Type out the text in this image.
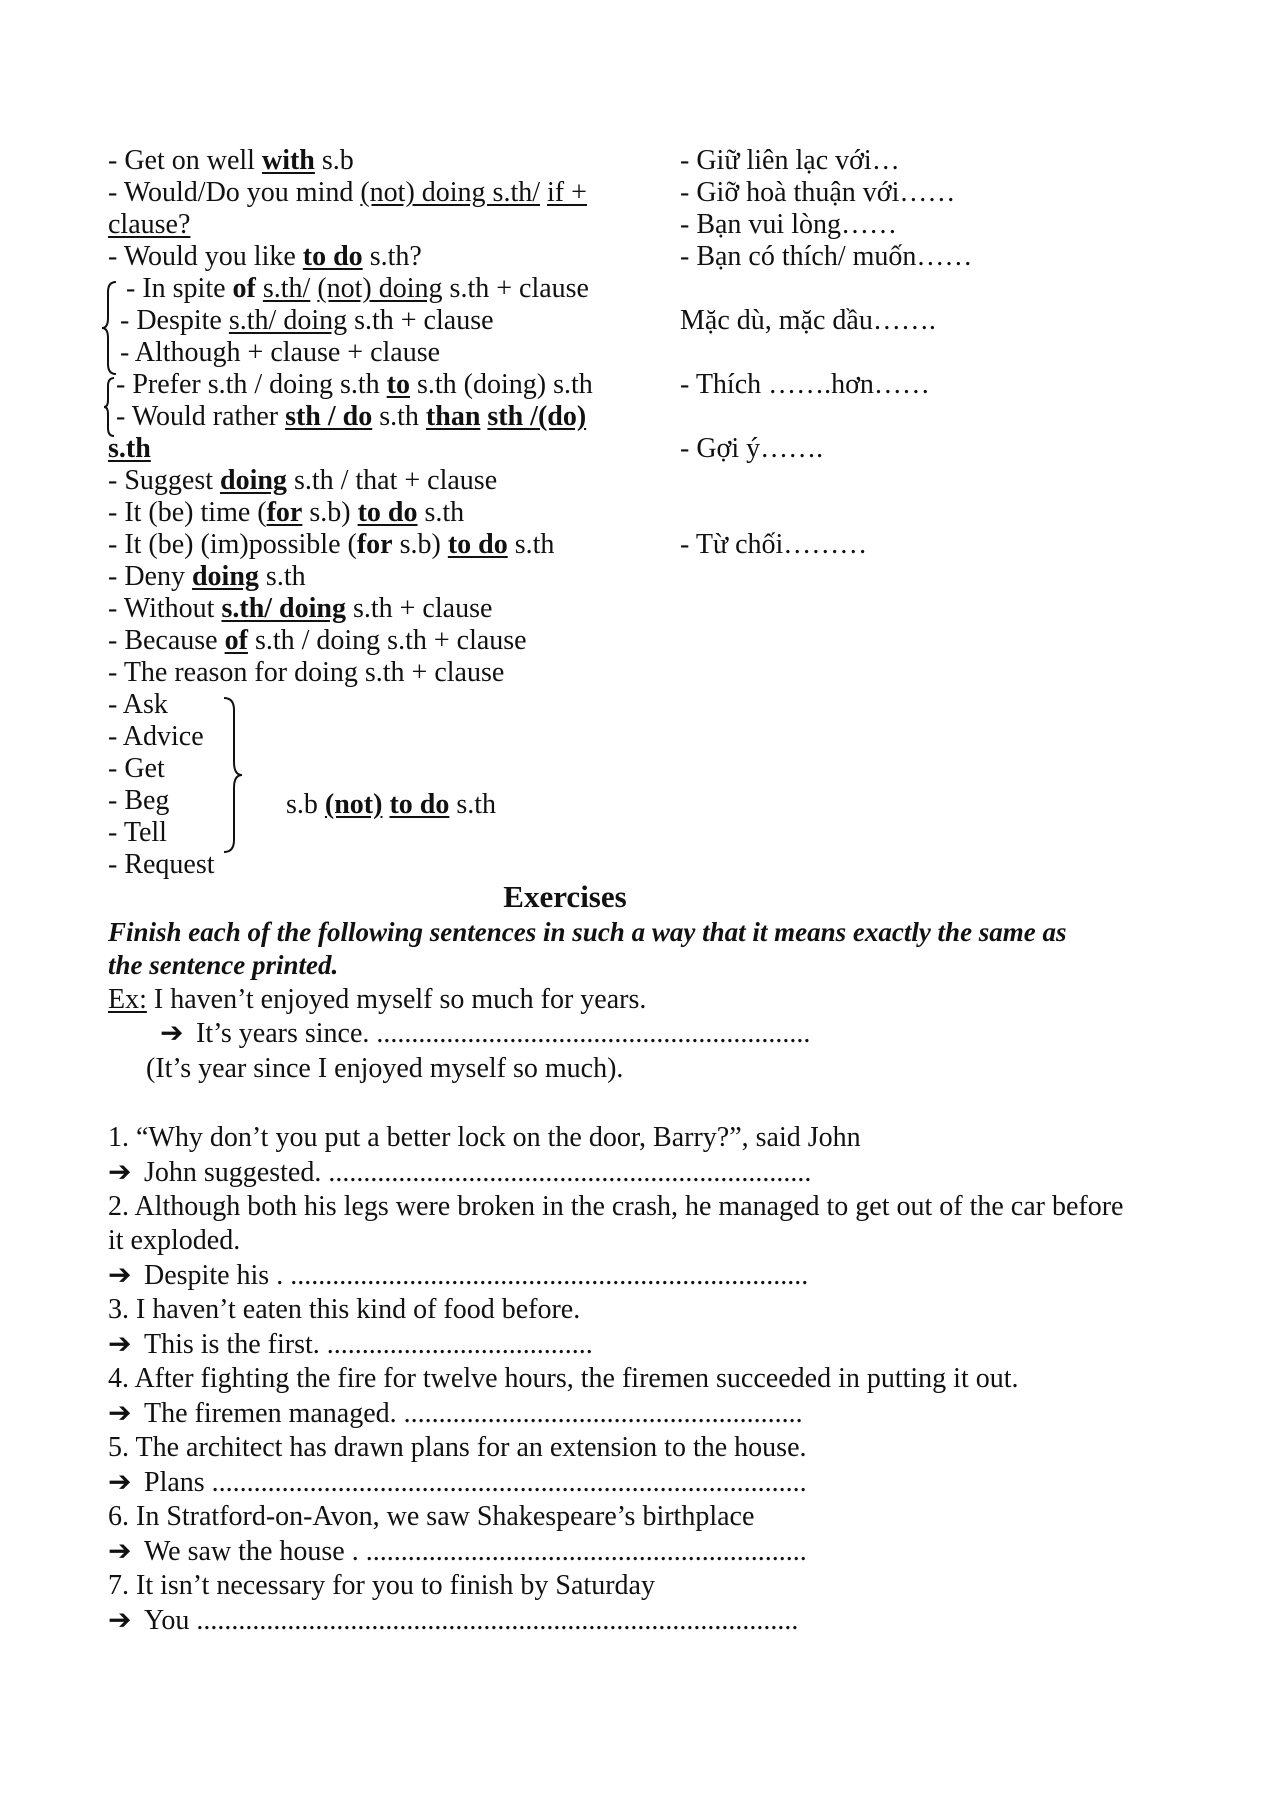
- Get on well with s.b
- Would/Do you mind (not) doing s.th/ if +
clause?
- Would you like to do s.th?
- In spite of s.th/ (not) doing s.th + clause
- Despite s.th/ doing s.th + clause
- Although + clause + clause
- Prefer s.th / doing s.th to s.th (doing) s.th
- Would rather sth / do s.th than sth /(do)
s.th
- Suggest doing s.th / that + clause
- It (be) time (for s.b) to do s.th
- It (be) (im)possible (for s.b) to do s.th
- Deny doing s.th
- Without s.th/ doing s.th + clause
- Because of s.th / doing s.th + clause
- The reason for doing s.th + clause
- Ask
- Advice
- Get
- Beg
- Tell
- Request
s.b (not) to do s.th
- Giữ liên lạc với…
- Giỡ hoà thuận với……
- Bạn vui lòng……
- Bạn có thích/ muốn……
Mặc dù, mặc dầu…….
- Thích …….hơn……
- Gợi ý…….
- Từ chối………
Exercises
Finish each of the following sentences in such a way that it means exactly the same as
the sentence printed.
Ex: I haven’t enjoyed myself so much for years.
➔ It’s years since. ..............................................................
(It’s year since I enjoyed myself so much).
1. “Why don’t you put a better lock on the door, Barry?”, said John
➔ John suggested. .....................................................................
2. Although both his legs were broken in the crash, he managed to get out of the car before
it exploded.
➔ Despite his . ..........................................................................
3. I haven’t eaten this kind of food before.
➔ This is the first. ......................................
4. After fighting the fire for twelve hours, the firemen succeeded in putting it out.
➔ The firemen managed. .........................................................
5. The architect has drawn plans for an extension to the house.
➔ Plans .....................................................................................
6. In Stratford-on-Avon, we saw Shakespeare’s birthplace
➔ We saw the house . ...............................................................
7. It isn’t necessary for you to finish by Saturday
➔ You ......................................................................................
